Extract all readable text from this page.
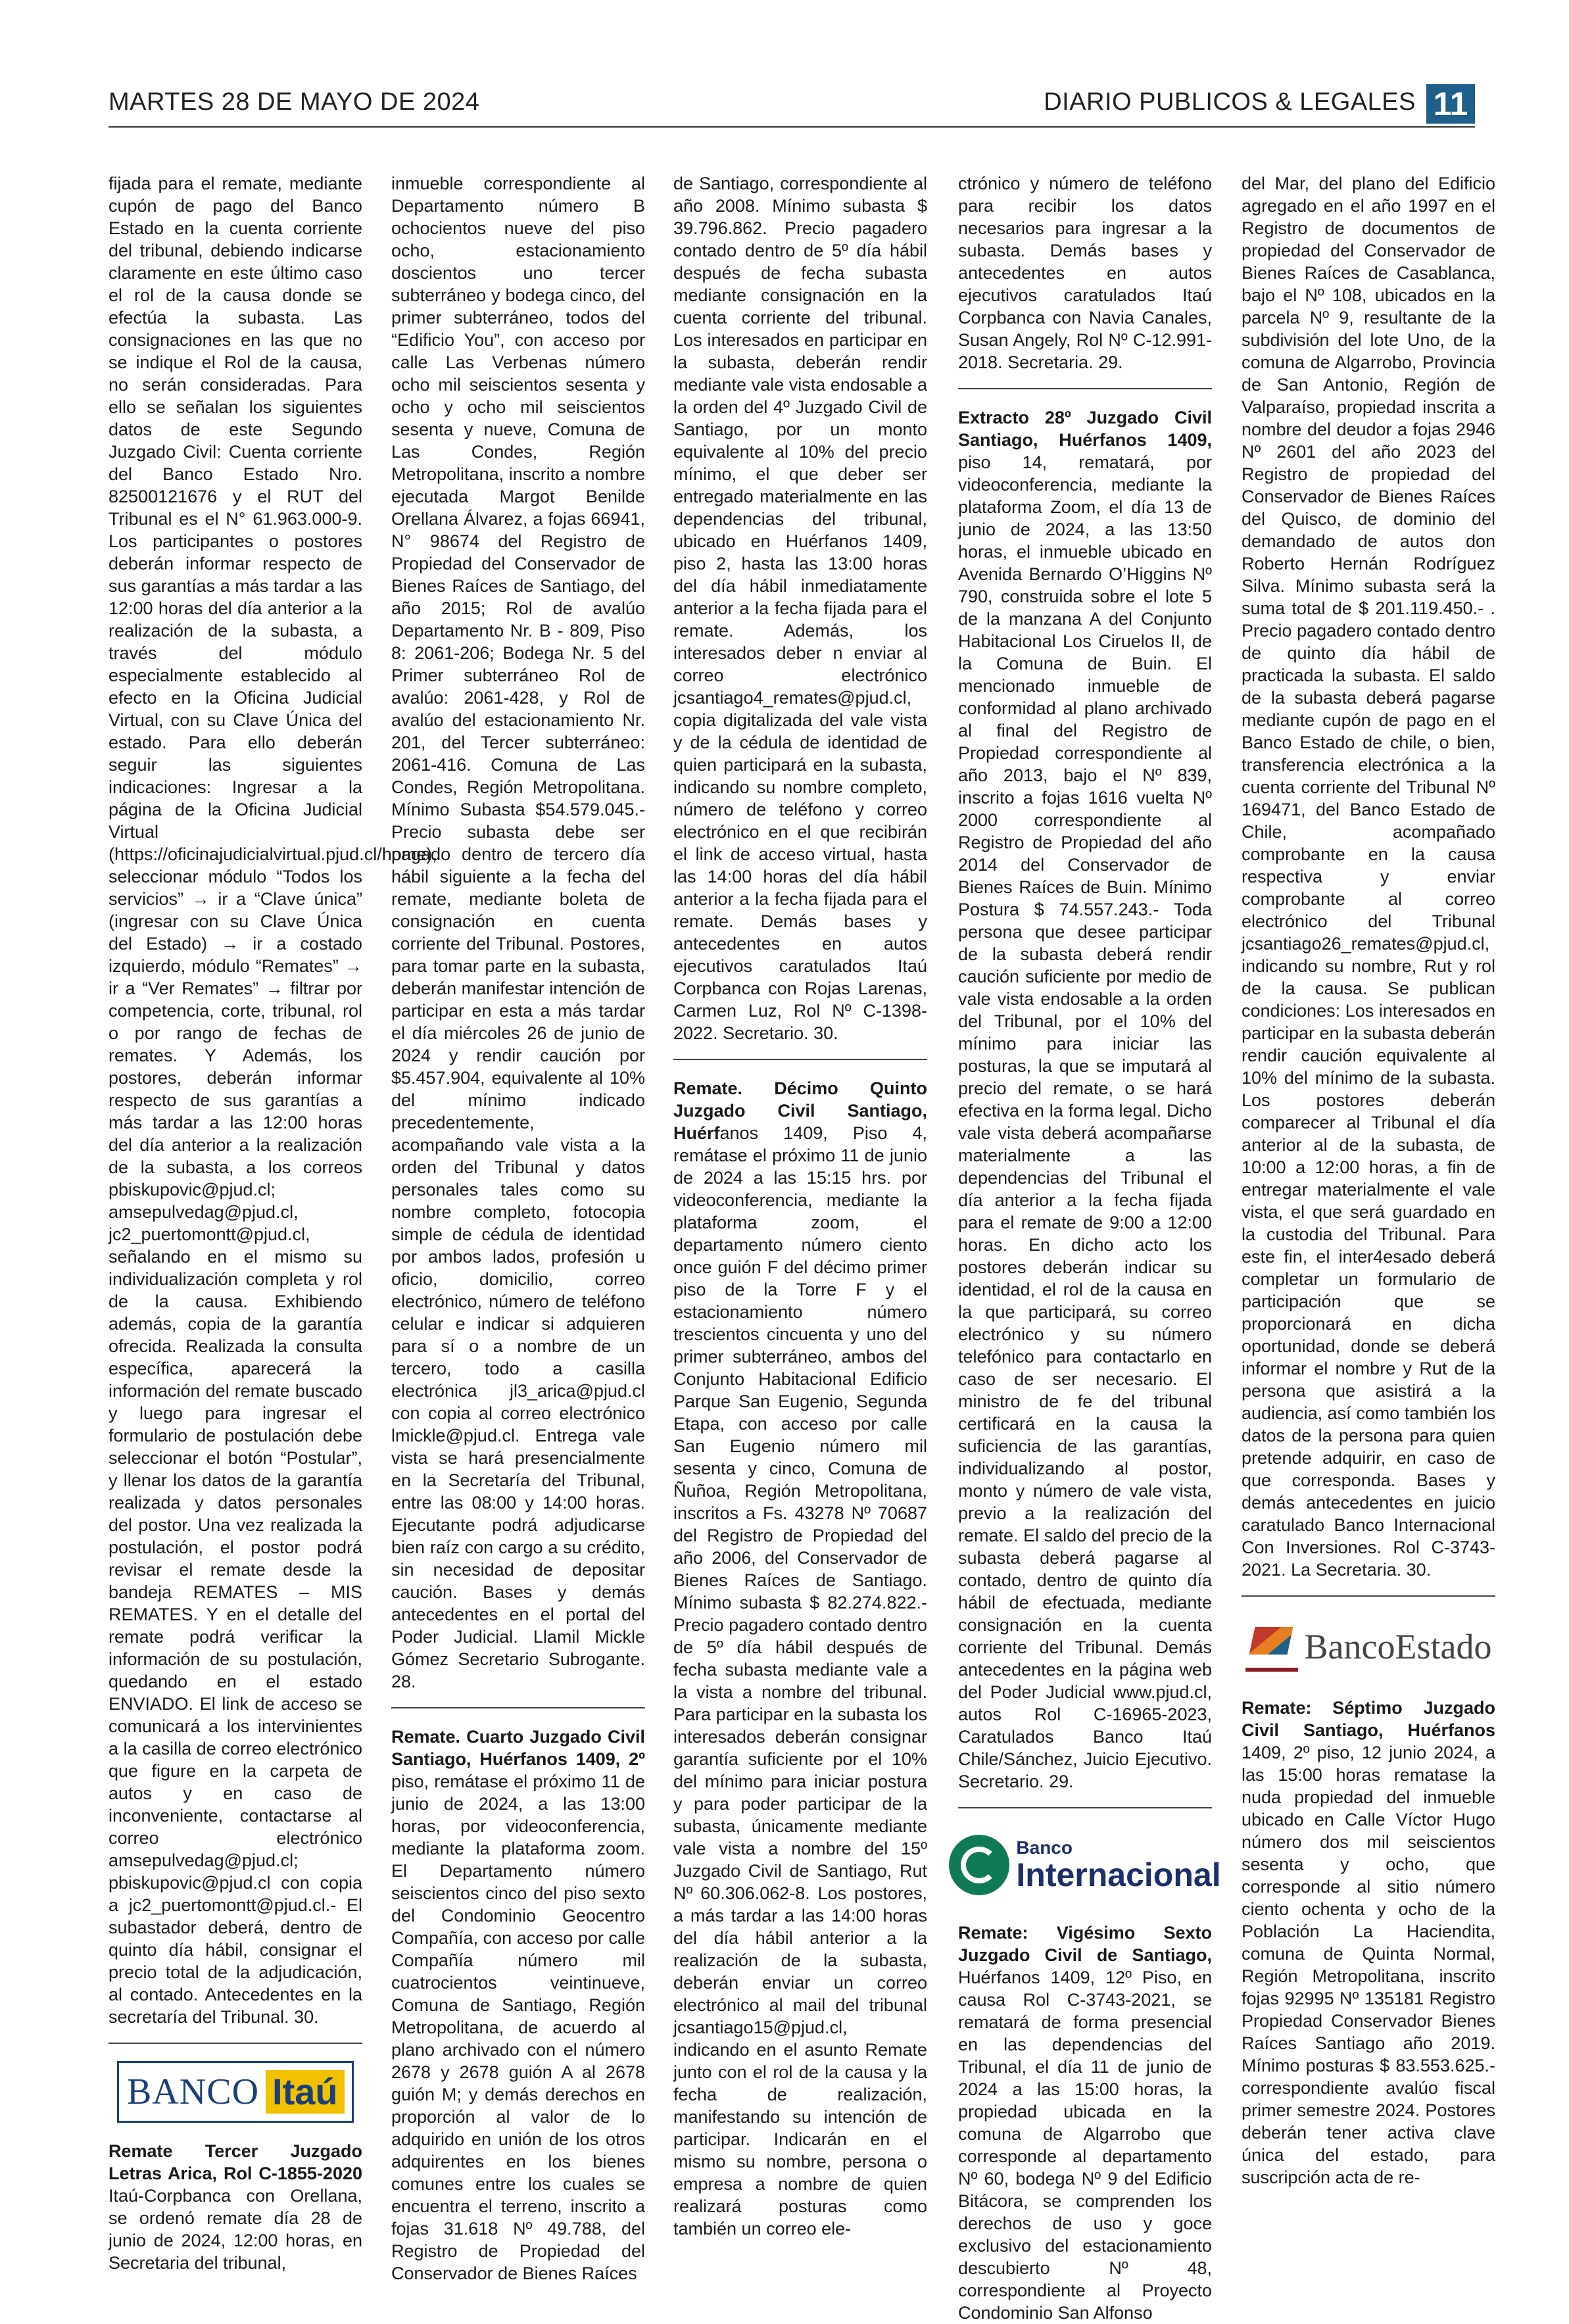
MARTES 28 DE MAYO DE 2024	DIARIO PUBLICOS & LEGALES 11

fijada para el remate, mediante cupón de pago del Banco Estado en la cuenta corriente del tribunal, debiendo indicarse claramente en este último caso el rol de la causa donde se efectúa la subasta. Las consignaciones en las que no se indique el Rol de la causa, no serán consideradas. Para ello se señalan los siguientes datos de este Segundo Juzgado Civil: Cuenta corriente del Banco Estado Nro. 82500121676 y el RUT del Tribunal es el N° 61.963.000-9. Los participantes o postores deberán informar respecto de sus garantías a más tardar a las 12:00 horas del día anterior a la realización de la subasta, a través del módulo especialmente establecido al efecto en la Oficina Judicial Virtual, con su Clave Única del estado. Para ello deberán seguir las siguientes indicaciones: Ingresar a la página de la Oficina Judicial Virtual (https://oficinajudicialvirtual.pjud.cl/home), seleccionar módulo “Todos los servicios” → ir a “Clave única” (ingresar con su Clave Única del Estado) → ir a costado izquierdo, módulo “Remates” → ir a “Ver Remates” → filtrar por competencia, corte, tribunal, rol o por rango de fechas de remates. Y Además, los postores, deberán informar respecto de sus garantías a más tardar a las 12:00 horas del día anterior a la realización de la subasta, a los correos pbiskupovic@pjud.cl; amsepulvedag@pjud.cl, jc2_puertomontt@pjud.cl, señalando en el mismo su individualización completa y rol de la causa. Exhibiendo además, copia de la garantía ofrecida. Realizada la consulta específica, aparecerá la información del remate buscado y luego para ingresar el formulario de postulación debe seleccionar el botón “Postular”, y llenar los datos de la garantía realizada y datos personales del postor. Una vez realizada la postulación, el postor podrá revisar el remate desde la bandeja REMATES – MIS REMATES. Y en el detalle del remate podrá verificar la información de su postulación, quedando en el estado ENVIADO. El link de acceso se comunicará a los intervinientes a la casilla de correo electrónico que figure en la carpeta de autos y en caso de inconveniente, contactarse al correo electrónico amsepulvedag@pjud.cl; pbiskupovic@pjud.cl con copia a jc2_puertomontt@pjud.cl.- El subastador deberá, dentro de quinto día hábil, consignar el precio total de la adjudicación, al contado. Antecedentes en la secretaría del Tribunal. 30.

BANCO Itaú

Remate Tercer Juzgado Letras Arica, Rol C-1855-2020 Itaú-Corpbanca con Orellana, se ordenó remate día 28 de junio de 2024, 12:00 horas, en Secretaria del tribunal,

inmueble correspondiente al Departamento número B ochocientos nueve del piso ocho, estacionamiento doscientos uno tercer subterráneo y bodega cinco, del primer subterráneo, todos del “Edificio You”, con acceso por calle Las Verbenas número ocho mil seiscientos sesenta y ocho y ocho mil seiscientos sesenta y nueve, Comuna de Las Condes, Región Metropolitana, inscrito a nombre ejecutada Margot Benilde Orellana Álvarez, a fojas 66941, N° 98674 del Registro de Propiedad del Conservador de Bienes Raíces de Santiago, del año 2015; Rol de avalúo Departamento Nr. B - 809, Piso 8: 2061-206; Bodega Nr. 5 del Primer subterráneo Rol de avalúo: 2061-428, y Rol de avalúo del estacionamiento Nr. 201, del Tercer subterráneo: 2061-416. Comuna de Las Condes, Región Metropolitana. Mínimo Subasta $54.579.045.- Precio subasta debe ser pagado dentro de tercero día hábil siguiente a la fecha del remate, mediante boleta de consignación en cuenta corriente del Tribunal. Postores, para tomar parte en la subasta, deberán manifestar intención de participar en esta a más tardar el día miércoles 26 de junio de 2024 y rendir caución por $5.457.904, equivalente al 10% del mínimo indicado precedentemente, acompañando vale vista a la orden del Tribunal y datos personales tales como su nombre completo, fotocopia simple de cédula de identidad por ambos lados, profesión u oficio, domicilio, correo electrónico, número de teléfono celular e indicar si adquieren para sí o a nombre de un tercero, todo a casilla electrónica jl3_arica@pjud.cl con copia al correo electrónico lmickle@pjud.cl. Entrega vale vista se hará presencialmente en la Secretaría del Tribunal, entre las 08:00 y 14:00 horas. Ejecutante podrá adjudicarse bien raíz con cargo a su crédito, sin necesidad de depositar caución. Bases y demás antecedentes en el portal del Poder Judicial. Llamil Mickle Gómez Secretario Subrogante. 28.

Remate. Cuarto Juzgado Civil Santiago, Huérfanos 1409, 2º piso, remátase el próximo 11 de junio de 2024, a las 13:00 horas, por videoconferencia, mediante la plataforma zoom. El Departamento número seiscientos cinco del piso sexto del Condominio Geocentro Compañía, con acceso por calle Compañía número mil cuatrocientos veintinueve, Comuna de Santiago, Región Metropolitana, de acuerdo al plano archivado con el número 2678 y 2678 guión A al 2678 guión M; y demás derechos en proporción al valor de lo adquirido en unión de los otros adquirentes en los bienes comunes entre los cuales se encuentra el terreno, inscrito a fojas 31.618 Nº 49.788, del Registro de Propiedad del Conservador de Bienes Raíces

de Santiago, correspondiente al año 2008. Mínimo subasta $ 39.796.862. Precio pagadero contado dentro de 5º día hábil después de fecha subasta mediante consignación en la cuenta corriente del tribunal. Los interesados en participar en la subasta, deberán rendir mediante vale vista endosable a la orden del 4º Juzgado Civil de Santiago, por un monto equivalente al 10% del precio mínimo, el que deber ser entregado materialmente en las dependencias del tribunal, ubicado en Huérfanos 1409, piso 2, hasta las 13:00 horas del día hábil inmediatamente anterior a la fecha fijada para el remate. Además, los interesados deber n enviar al correo electrónico jcsantiago4_remates@pjud.cl, copia digitalizada del vale vista y de la cédula de identidad de quien participará en la subasta, indicando su nombre completo, número de teléfono y correo electrónico en el que recibirán el link de acceso virtual, hasta las 14:00 horas del día hábil anterior a la fecha fijada para el remate. Demás bases y antecedentes en autos ejecutivos caratulados Itaú Corpbanca con Rojas Larenas, Carmen Luz, Rol Nº C-1398-2022. Secretario. 30.

Remate. Décimo Quinto Juzgado Civil Santiago, Huérfanos 1409, Piso 4, remátase el próximo 11 de junio de 2024 a las 15:15 hrs. por videoconferencia, mediante la plataforma zoom, el departamento número ciento once guión F del décimo primer piso de la Torre F y el estacionamiento número trescientos cincuenta y uno del primer subterráneo, ambos del Conjunto Habitacional Edificio Parque San Eugenio, Segunda Etapa, con acceso por calle San Eugenio número mil sesenta y cinco, Comuna de Ñuñoa, Región Metropolitana, inscritos a Fs. 43278 Nº 70687 del Registro de Propiedad del año 2006, del Conservador de Bienes Raíces de Santiago. Mínimo subasta $ 82.274.822.- Precio pagadero contado dentro de 5º día hábil después de fecha subasta mediante vale a la vista a nombre del tribunal. Para participar en la subasta los interesados deberán consignar garantía suficiente por el 10% del mínimo para iniciar postura y para poder participar de la subasta, únicamente mediante vale vista a nombre del 15º Juzgado Civil de Santiago, Rut Nº 60.306.062-8. Los postores, a más tardar a las 14:00 horas del día hábil anterior a la realización de la subasta, deberán enviar un correo electrónico al mail del tribunal jcsantiago15@pjud.cl, indicando en el asunto Remate junto con el rol de la causa y la fecha de realización, manifestando su intención de participar. Indicarán en el mismo su nombre, persona o empresa a nombre de quien realizará posturas como también un correo ele-

ctrónico y número de teléfono para recibir los datos necesarios para ingresar a la subasta. Demás bases y antecedentes en autos ejecutivos caratulados Itaú Corpbanca con Navia Canales, Susan Angely, Rol Nº C-12.991-2018. Secretaria. 29.

Extracto 28º Juzgado Civil Santiago, Huérfanos 1409, piso 14, rematará, por videoconferencia, mediante la plataforma Zoom, el día 13 de junio de 2024, a las 13:50 horas, el inmueble ubicado en Avenida Bernardo O’Higgins Nº 790, construida sobre el lote 5 de la manzana A del Conjunto Habitacional Los Ciruelos II, de la Comuna de Buin. El mencionado inmueble de conformidad al plano archivado al final del Registro de Propiedad correspondiente al año 2013, bajo el Nº 839, inscrito a fojas 1616 vuelta Nº 2000 correspondiente al Registro de Propiedad del año 2014 del Conservador de Bienes Raíces de Buin. Mínimo Postura $ 74.557.243.- Toda persona que desee participar de la subasta deberá rendir caución suficiente por medio de vale vista endosable a la orden del Tribunal, por el 10% del mínimo para iniciar las posturas, la que se imputará al precio del remate, o se hará efectiva en la forma legal. Dicho vale vista deberá acompañarse materialmente a las dependencias del Tribunal el día anterior a la fecha fijada para el remate de 9:00 a 12:00 horas. En dicho acto los postores deberán indicar su identidad, el rol de la causa en la que participará, su correo electrónico y su número telefónico para contactarlo en caso de ser necesario. El ministro de fe del tribunal certificará en la causa la suficiencia de las garantías, individualizando al postor, monto y número de vale vista, previo a la realización del remate. El saldo del precio de la subasta deberá pagarse al contado, dentro de quinto día hábil de efectuada, mediante consignación en la cuenta corriente del Tribunal. Demás antecedentes en la página web del Poder Judicial www.pjud.cl, autos Rol C-16965-2023, Caratulados Banco Itaú Chile/Sánchez, Juicio Ejecutivo. Secretario. 29.

Banco
Internacional

Remate: Vigésimo Sexto Juzgado Civil de Santiago, Huérfanos 1409, 12º Piso, en causa Rol C-3743-2021, se rematará de forma presencial en las dependencias del Tribunal, el día 11 de junio de 2024 a las 15:00 horas, la propiedad ubicada en la comuna de Algarrobo que corresponde al departamento Nº 60, bodega Nº 9 del Edificio Bitácora, se comprenden los derechos de uso y goce exclusivo del estacionamiento descubierto Nº 48, correspondiente al Proyecto Condominio San Alfonso

del Mar, del plano del Edificio agregado en el año 1997 en el Registro de documentos de propiedad del Conservador de Bienes Raíces de Casablanca, bajo el Nº 108, ubicados en la parcela Nº 9, resultante de la subdivisión del lote Uno, de la comuna de Algarrobo, Provincia de San Antonio, Región de Valparaíso, propiedad inscrita a nombre del deudor a fojas 2946 Nº 2601 del año 2023 del Registro de propiedad del Conservador de Bienes Raíces del Quisco, de dominio del demandado de autos don Roberto Hernán Rodríguez Silva. Mínimo subasta será la suma total de $ 201.119.450.- . Precio pagadero contado dentro de quinto día hábil de practicada la subasta. El saldo de la subasta deberá pagarse mediante cupón de pago en el Banco Estado de chile, o bien, transferencia electrónica a la cuenta corriente del Tribunal Nº 169471, del Banco Estado de Chile, acompañado comprobante en la causa respectiva y enviar comprobante al correo electrónico del Tribunal jcsantiago26_remates@pjud.cl, indicando su nombre, Rut y rol de la causa. Se publican condiciones: Los interesados en participar en la subasta deberán rendir caución equivalente al 10% del mínimo de la subasta. Los postores deberán comparecer al Tribunal el día anterior al de la subasta, de 10:00 a 12:00 horas, a fin de entregar materialmente el vale vista, el que será guardado en la custodia del Tribunal. Para este fin, el inter4esado deberá completar un formulario de participación que se proporcionará en dicha oportunidad, donde se deberá informar el nombre y Rut de la persona que asistirá a la audiencia, así como también los datos de la persona para quien pretende adquirir, en caso de que corresponda. Bases y demás antecedentes en juicio caratulado Banco Internacional Con Inversiones. Rol C-3743-2021. La Secretaria. 30.

BancoEstado

Remate: Séptimo Juzgado Civil Santiago, Huérfanos 1409, 2º piso, 12 junio 2024, a las 15:00 horas rematase la nuda propiedad del inmueble ubicado en Calle Víctor Hugo número dos mil seiscientos sesenta y ocho, que corresponde al sitio número ciento ochenta y ocho de la Población La Haciendita, comuna de Quinta Normal, Región Metropolitana, inscrito fojas 92995 Nº 135181 Registro Propiedad Conservador Bienes Raíces Santiago año 2019. Mínimo posturas $ 83.553.625.- correspondiente avalúo fiscal primer semestre 2024. Postores deberán tener activa clave única del estado, para suscripción acta de re-
